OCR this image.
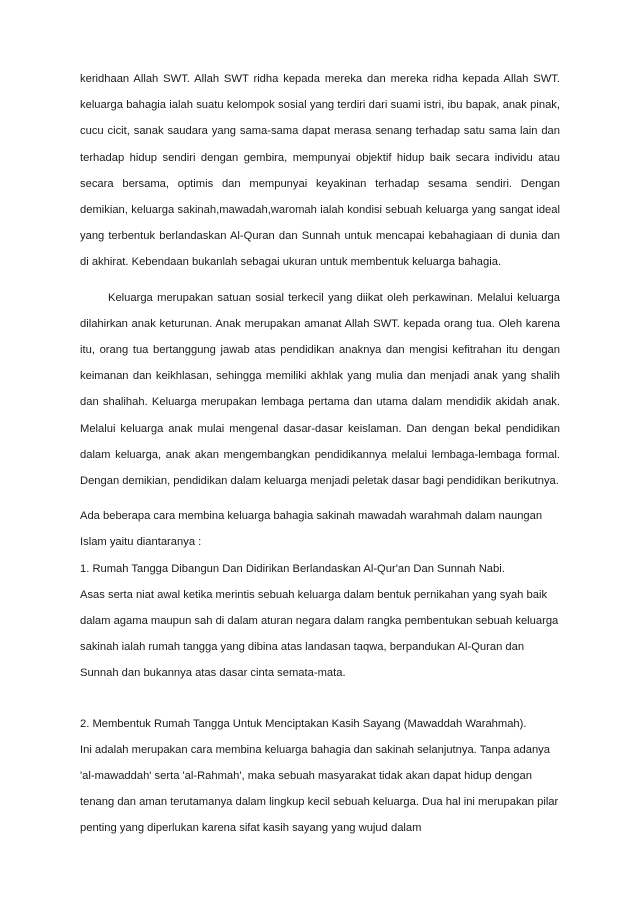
keridhaan Allah SWT. Allah SWT ridha kepada mereka dan mereka ridha kepada Allah SWT. keluarga bahagia ialah suatu kelompok sosial yang terdiri dari suami istri, ibu bapak, anak pinak, cucu cicit, sanak saudara yang sama-sama dapat merasa senang terhadap satu sama lain dan terhadap hidup sendiri dengan gembira, mempunyai objektif hidup baik secara individu atau secara bersama, optimis dan mempunyai keyakinan terhadap sesama sendiri. Dengan demikian, keluarga sakinah,mawadah,waromah ialah kondisi sebuah keluarga yang sangat ideal yang terbentuk berlandaskan Al-Quran dan Sunnah untuk mencapai kebahagiaan di dunia dan di akhirat. Kebendaan bukanlah sebagai ukuran untuk membentuk keluarga bahagia.

Keluarga merupakan satuan sosial terkecil yang diikat oleh perkawinan. Melalui keluarga dilahirkan anak keturunan. Anak merupakan amanat Allah SWT. kepada orang tua. Oleh karena itu, orang tua bertanggung jawab atas pendidikan anaknya dan mengisi kefitrahan itu dengan keimanan dan keikhlasan, sehingga memiliki akhlak yang mulia dan menjadi anak yang shalih dan shalihah. Keluarga merupakan lembaga pertama dan utama dalam mendidik akidah anak. Melalui keluarga anak mulai mengenal dasar-dasar keislaman. Dan dengan bekal pendidikan dalam keluarga, anak akan mengembangkan pendidikannya melalui lembaga-lembaga formal. Dengan demikian, pendidikan dalam keluarga menjadi peletak dasar bagi pendidikan berikutnya.

Ada beberapa cara membina keluarga bahagia sakinah mawadah warahmah dalam naungan Islam yaitu diantaranya :

1. Rumah Tangga Dibangun Dan Didirikan Berlandaskan Al-Qur'an Dan Sunnah Nabi.

Asas serta niat awal ketika merintis sebuah keluarga dalam bentuk pernikahan yang syah baik dalam agama maupun sah di dalam aturan negara dalam rangka pembentukan sebuah keluarga sakinah ialah rumah tangga yang dibina atas landasan taqwa, berpandukan Al-Quran dan Sunnah dan bukannya atas dasar cinta semata-mata.

2. Membentuk Rumah Tangga Untuk Menciptakan Kasih Sayang (Mawaddah Warahmah).

Ini adalah merupakan cara membina keluarga bahagia dan sakinah selanjutnya. Tanpa adanya 'al-mawaddah' serta 'al-Rahmah', maka sebuah masyarakat tidak akan dapat hidup dengan tenang dan aman terutamanya dalam lingkup kecil sebuah keluarga. Dua hal ini merupakan pilar penting yang diperlukan karena sifat kasih sayang yang wujud dalam
